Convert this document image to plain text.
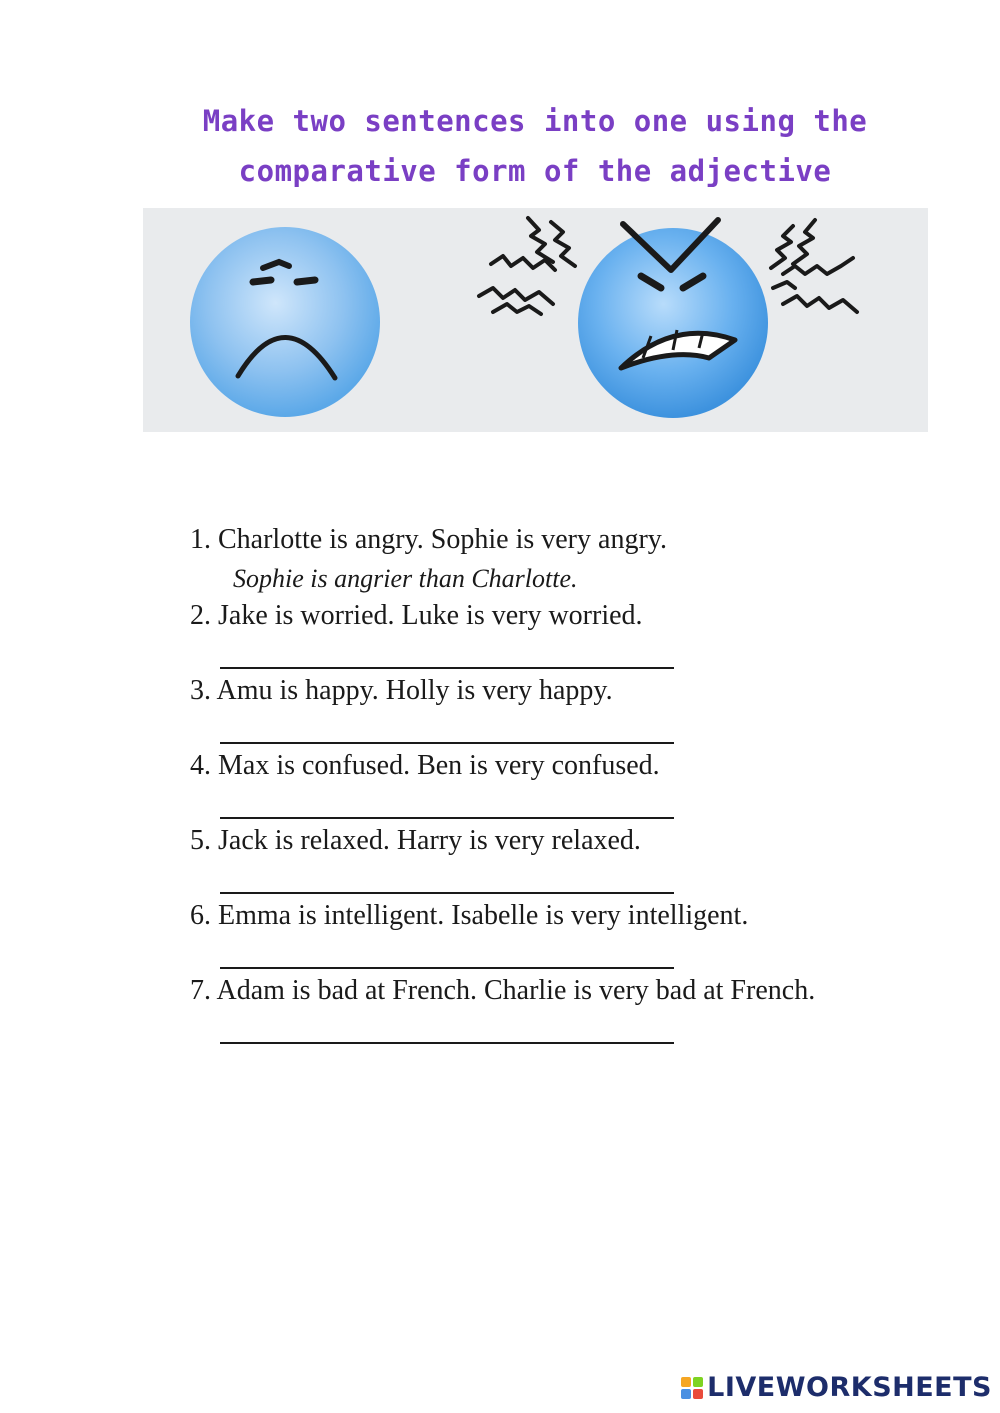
Make two sentences into one using the
comparative form of the adjective
1. Charlotte is angry. Sophie is very angry.
Sophie is angrier than Charlotte.
2. Jake is worried. Luke is very worried.
3. Amu is happy. Holly is very happy.
4. Max is confused. Ben is very confused.
5. Jack is relaxed. Harry is very relaxed.
6. Emma is intelligent. Isabelle is very intelligent.
7. Adam is bad at French. Charlie is very bad at French.
LIVEWORKSHEETS
